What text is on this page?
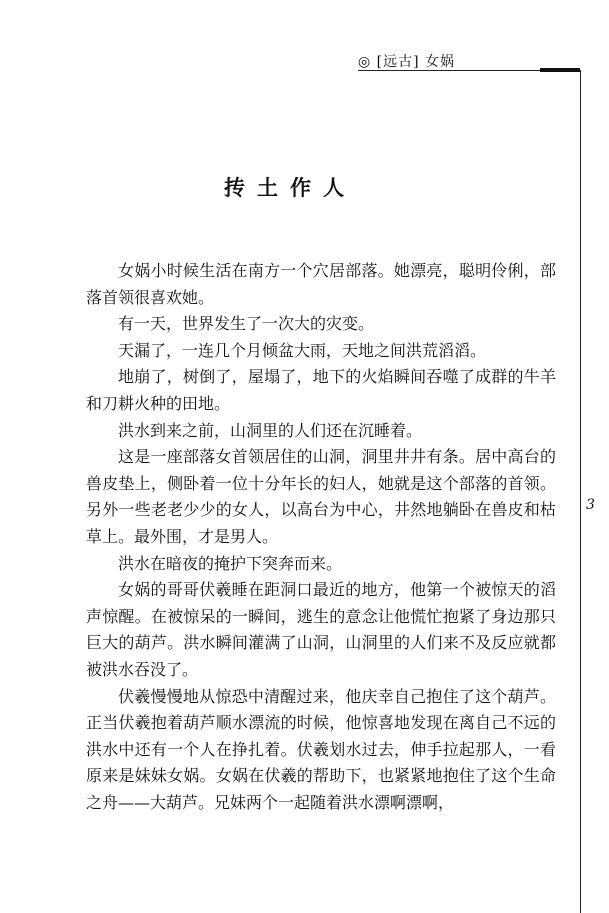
◎ [远古] 女娲
3
抟土作人

女娲小时候生活在南方一个穴居部落。她漂亮，聪明伶俐，部落首领很喜欢她。

有一天，世界发生了一次大的灾变。

天漏了，一连几个月倾盆大雨，天地之间洪荒滔滔。

地崩了，树倒了，屋塌了，地下的火焰瞬间吞噬了成群的牛羊和刀耕火种的田地。

洪水到来之前，山洞里的人们还在沉睡着。

这是一座部落女首领居住的山洞，洞里井井有条。居中高台的兽皮垫上，侧卧着一位十分年长的妇人，她就是这个部落的首领。另外一些老老少少的女人，以高台为中心，井然地躺卧在兽皮和枯草上。最外围，才是男人。

洪水在暗夜的掩护下突奔而来。

女娲的哥哥伏羲睡在距洞口最近的地方，他第一个被惊天的滔声惊醒。在被惊呆的一瞬间，逃生的意念让他慌忙抱紧了身边那只巨大的葫芦。洪水瞬间灌满了山洞，山洞里的人们来不及反应就都被洪水吞没了。

伏羲慢慢地从惊恐中清醒过来，他庆幸自己抱住了这个葫芦。正当伏羲抱着葫芦顺水漂流的时候，他惊喜地发现在离自己不远的洪水中还有一个人在挣扎着。伏羲划水过去，伸手拉起那人，一看原来是妹妹女娲。女娲在伏羲的帮助下，也紧紧地抱住了这个生命之舟——大葫芦。兄妹两个一起随着洪水漂啊漂啊，
